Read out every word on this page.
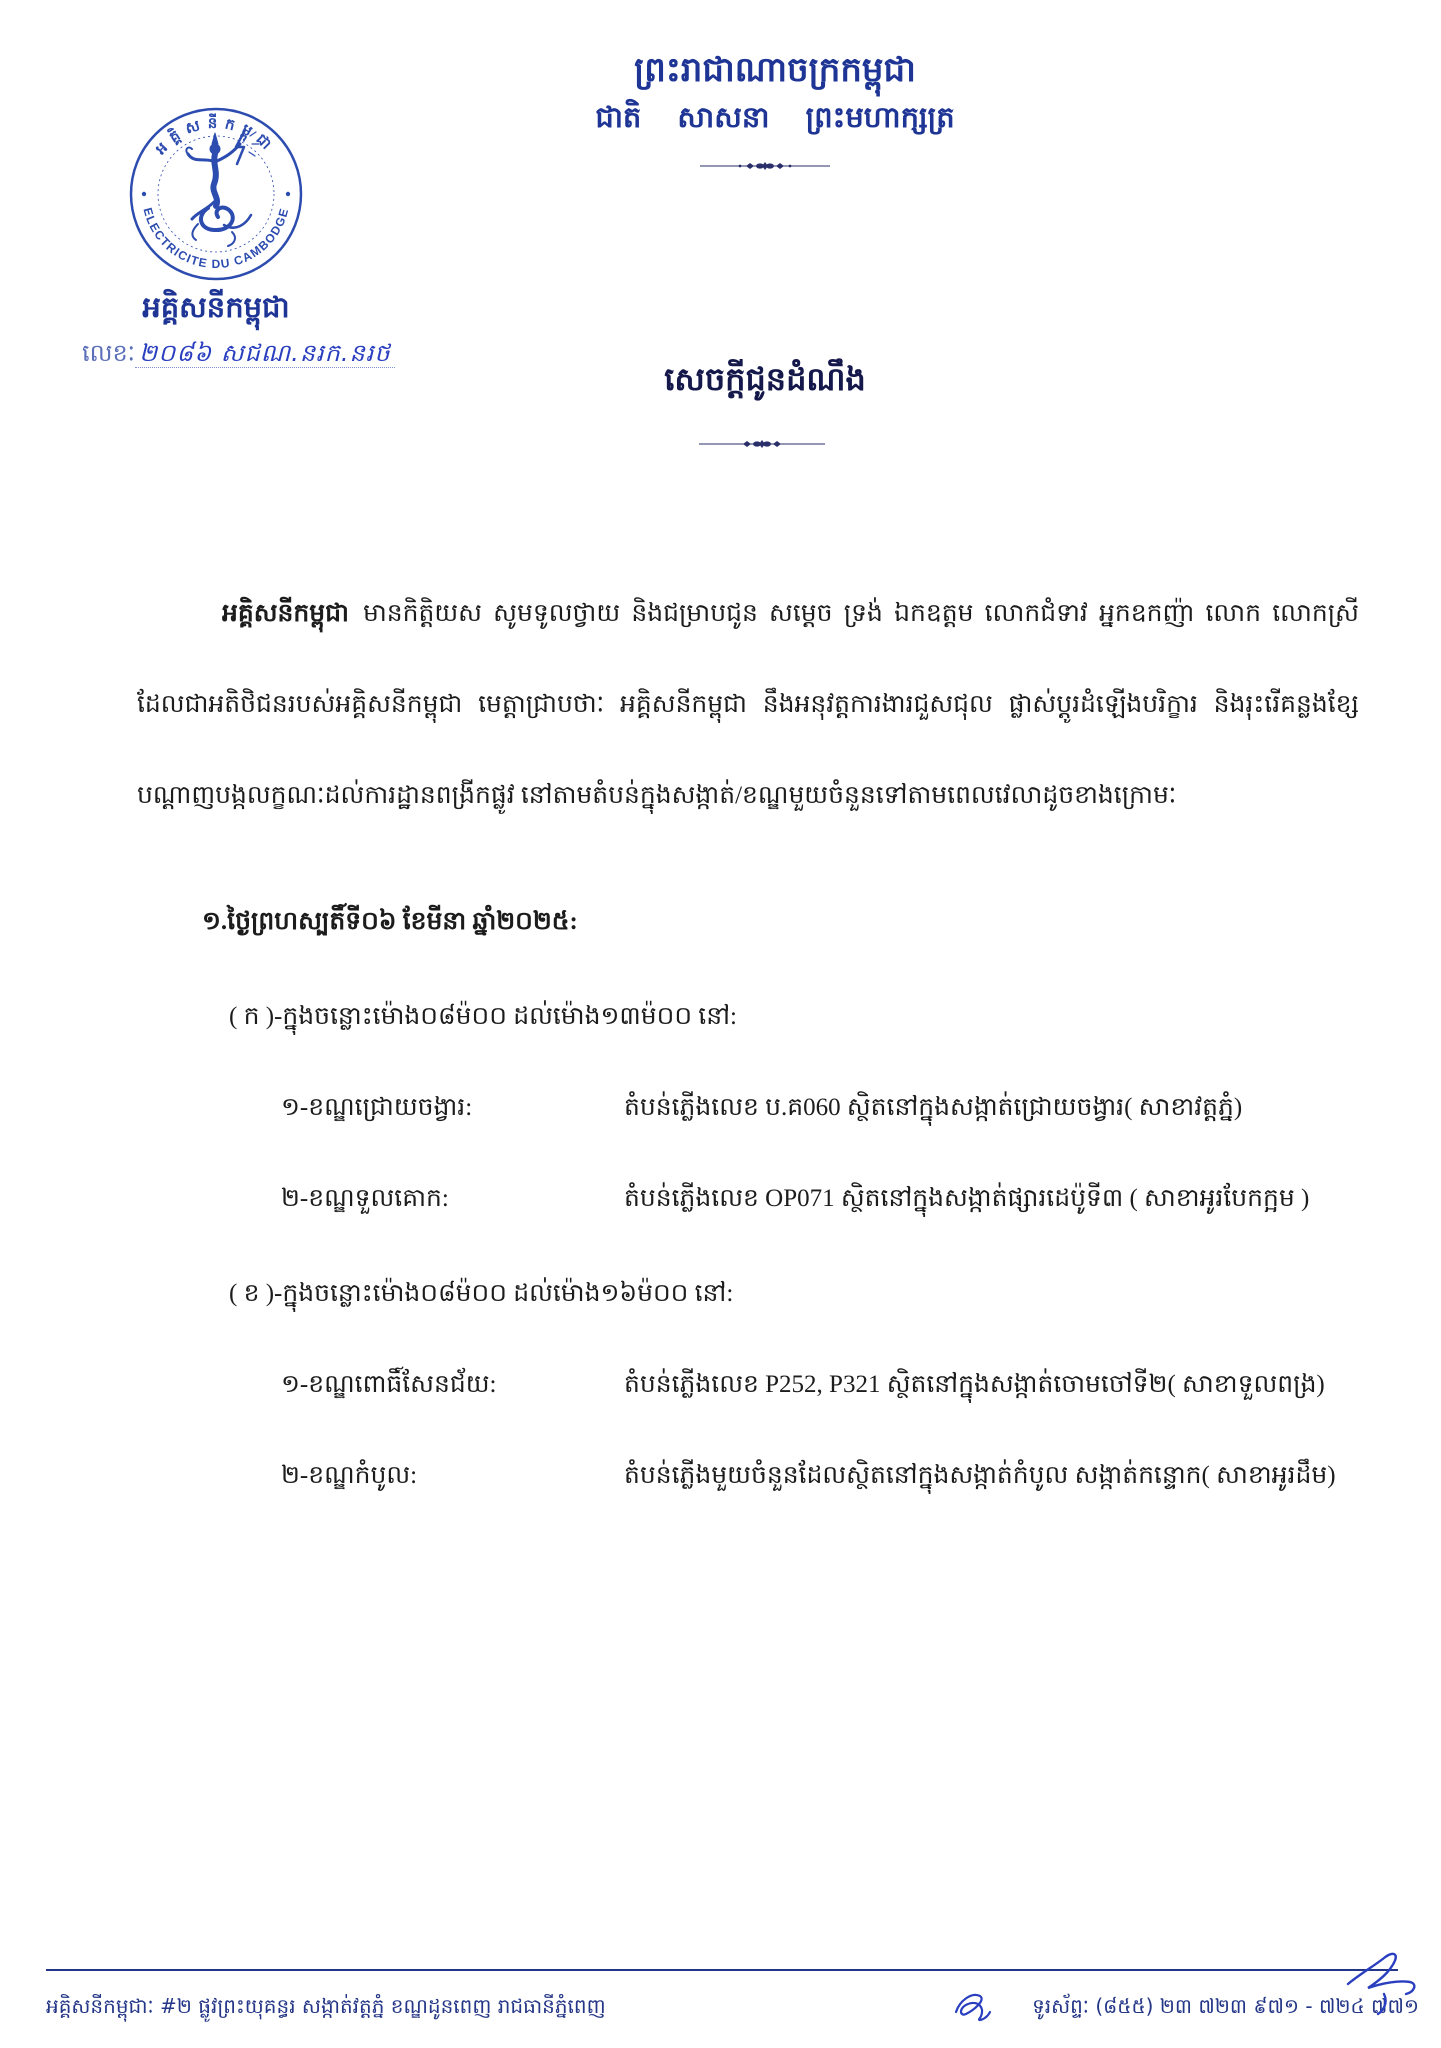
ព្រះរាជាណាចក្រកម្ពុជា
ជាតិ សាសនា ព្រះមហាក្សត្រ
អគ្គិសនីកម្ពុជា
ELECTRICITE DU CAMBODGE
អគ្គិសនីកម្ពុជា
លេខៈ ២០៨៦ សជណ.នរក.នរថ
សេចក្តីជូនដំណឹង

អគ្គិសនីកម្ពុជា មានកិត្តិយស សូមទូលថ្វាយ និងជម្រាបជូន សម្តេច ទ្រង់ ឯកឧត្តម លោកជំទាវ អ្នកឧកញ៉ា លោក លោកស្រី ដែលជាអតិថិជនរបស់អគ្គិសនីកម្ពុជា មេត្តាជ្រាបថាៈ អគ្គិសនីកម្ពុជា នឹងអនុវត្តការងារជួសជុល ផ្លាស់ប្តូរដំឡើងបរិក្ខារ និងរុះរើគន្លងខ្សែបណ្តាញបង្កលក្ខណៈដល់ការដ្ឋានពង្រីកផ្លូវ នៅតាមតំបន់ក្នុងសង្កាត់/ខណ្ឌមួយចំនួនទៅតាមពេលវេលាដូចខាងក្រោមៈ

១.ថ្ងៃព្រហស្បតិ៍ទី០៦ ខែមីនា ឆ្នាំ២០២៥:
( ក )-ក្នុងចន្លោះម៉ោង០៨ម៉០០ ដល់ម៉ោង១៣ម៉០០ នៅ:
១-ខណ្ឌជ្រោយចង្វារ:	តំបន់ភ្លើងលេខ ប.គ060 ស្ថិតនៅក្នុងសង្កាត់ជ្រោយចង្វារ( សាខាវត្តភ្នំ)
២-ខណ្ឌទួលគោក:	តំបន់ភ្លើងលេខ OP071 ស្ថិតនៅក្នុងសង្កាត់ផ្សារដេប៉ូទី៣ ( សាខាអូរបែកក្អម )
( ខ )-ក្នុងចន្លោះម៉ោង០៨ម៉០០ ដល់ម៉ោង១៦ម៉០០ នៅ:
១-ខណ្ឌពោធិ៍សែនជ័យ:	តំបន់ភ្លើងលេខ P252, P321 ស្ថិតនៅក្នុងសង្កាត់ចោមចៅទី២( សាខាទួលពង្រ)
២-ខណ្ឌកំបូល:	តំបន់ភ្លើងមួយចំនួនដែលស្ថិតនៅក្នុងសង្កាត់កំបូល សង្កាត់កន្ទោក( សាខាអូរដឹម)
អគ្គិសនីកម្ពុជាៈ #២ ផ្លូវព្រះយុគន្ធរ សង្កាត់វត្តភ្នំ ខណ្ឌដូនពេញ រាជធានីភ្នំពេញ	ទូរស័ព្ទៈ (៨៥៥) ២៣ ៧២៣ ៩៧១ - ៧២៤ ៧៧១
